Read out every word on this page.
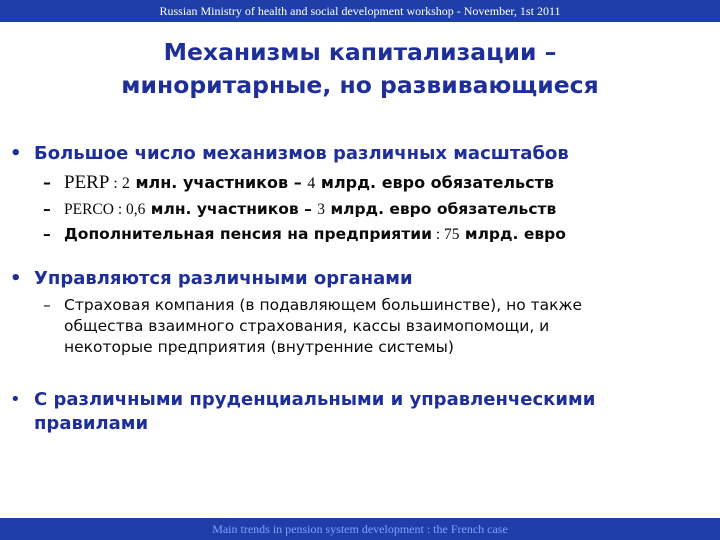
Russian Ministry of health and social development workshop - November, 1st 2011
Механизмы капитализации –
миноритарные, но развивающиеся
• Большое число механизмов различных масштабов
– PERP : 2 млн. участников – 4 млрд. евро обязательств
– PERCO : 0,6 млн. участников – 3 млрд. евро обязательств
– Дополнительная пенсия на предприятии : 75 млрд. евро
• Управляются различными органами
– Страховая компания (в подавляющем большинстве), но также
общества взаимного страхования, кассы взаимопомощи, и
некоторые предприятия (внутренние системы)
• С различными пруденциальными и управленческими
правилами
Main trends in pension system development : the French case
